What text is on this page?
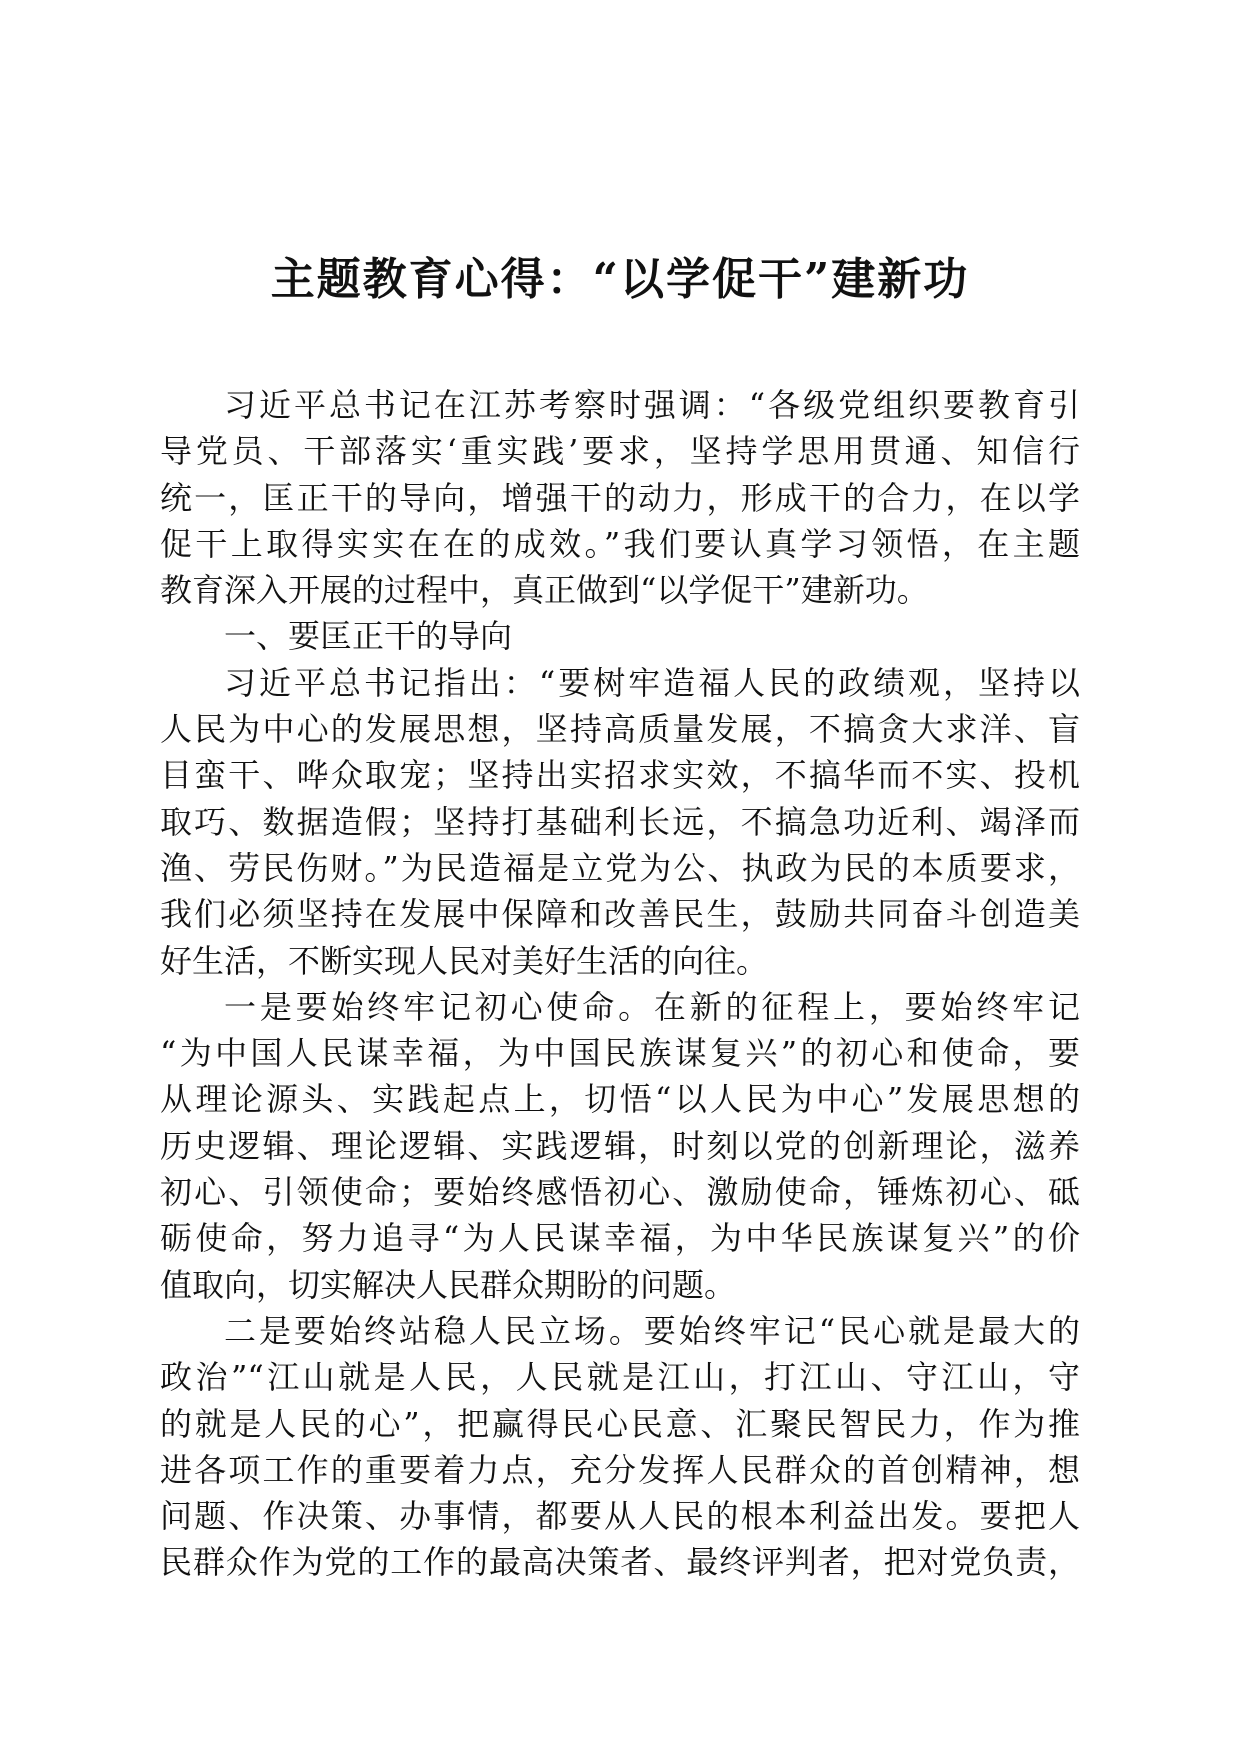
主题教育心得：“以学促干”建新功
习近平总书记在江苏考察时强调：“各级党组织要教育引
导党员、干部落实‘重实践’要求，坚持学思用贯通、知信行
统一，匡正干的导向，增强干的动力，形成干的合力，在以学
促干上取得实实在在的成效。”我们要认真学习领悟，在主题
教育深入开展的过程中，真正做到“以学促干”建新功。
一、要匡正干的导向
习近平总书记指出：“要树牢造福人民的政绩观，坚持以
人民为中心的发展思想，坚持高质量发展，不搞贪大求洋、盲
目蛮干、哗众取宠；坚持出实招求实效，不搞华而不实、投机
取巧、数据造假；坚持打基础利长远，不搞急功近利、竭泽而
渔、劳民伤财。”为民造福是立党为公、执政为民的本质要求，
我们必须坚持在发展中保障和改善民生，鼓励共同奋斗创造美
好生活，不断实现人民对美好生活的向往。
一是要始终牢记初心使命。在新的征程上，要始终牢记
“为中国人民谋幸福，为中国民族谋复兴”的初心和使命，要
从理论源头、实践起点上，切悟“以人民为中心”发展思想的
历史逻辑、理论逻辑、实践逻辑，时刻以党的创新理论，滋养
初心、引领使命；要始终感悟初心、激励使命，锤炼初心、砥
砺使命，努力追寻“为人民谋幸福，为中华民族谋复兴”的价
值取向，切实解决人民群众期盼的问题。
二是要始终站稳人民立场。要始终牢记“民心就是最大的
政治”“江山就是人民，人民就是江山，打江山、守江山，守
的就是人民的心”，把赢得民心民意、汇聚民智民力，作为推
进各项工作的重要着力点，充分发挥人民群众的首创精神，想
问题、作决策、办事情，都要从人民的根本利益出发。要把人
民群众作为党的工作的最高决策者、最终评判者，把对党负责，
